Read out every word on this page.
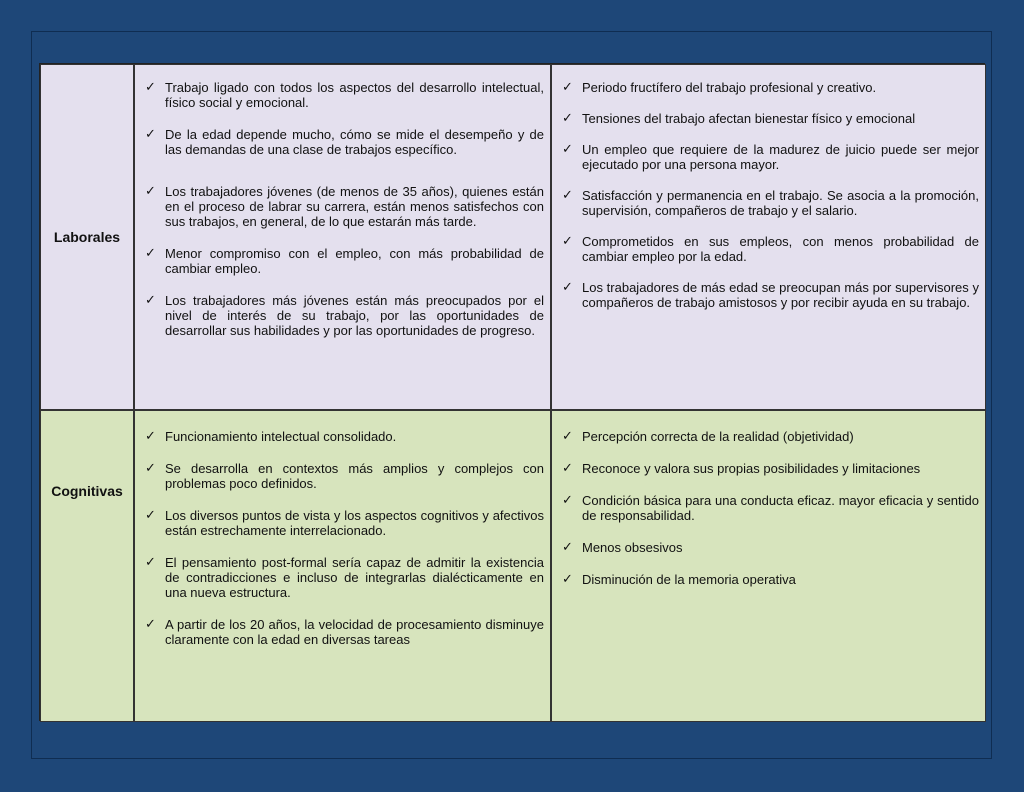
Laborales
✓ Trabajo ligado con todos los aspectos del desarrollo intelectual, físico social y emocional.
✓ De la edad depende mucho, cómo se mide el desempeño y de las demandas de una clase de trabajos específico.
✓ Los trabajadores jóvenes (de menos de 35 años), quienes están en el proceso de labrar su carrera, están menos satisfechos con sus trabajos, en general, de lo que estarán más tarde.
✓ Menor compromiso con el empleo, con más probabilidad de cambiar empleo.
✓ Los trabajadores más jóvenes están más preocupados por el nivel de interés de su trabajo, por las oportunidades de desarrollar sus habilidades y por las oportunidades de progreso.
✓ Periodo fructífero del trabajo profesional y creativo.
✓ Tensiones del trabajo afectan bienestar físico y emocional
✓ Un empleo que requiere de la madurez de juicio puede ser mejor ejecutado por una persona mayor.
✓ Satisfacción y permanencia en el trabajo. Se asocia a la promoción, supervisión, compañeros de trabajo y el salario.
✓ Comprometidos en sus empleos, con menos probabilidad de cambiar empleo por la edad.
✓ Los trabajadores de más edad se preocupan más por supervisores y compañeros de trabajo amistosos y por recibir ayuda en su trabajo.
Cognitivas
✓ Funcionamiento intelectual consolidado.
✓ Se desarrolla en contextos más amplios y complejos con problemas poco definidos.
✓ Los diversos puntos de vista y los aspectos cognitivos y afectivos están estrechamente interrelacionado.
✓ El pensamiento post-formal sería capaz de admitir la existencia de contradicciones e incluso de integrarlas dialécticamente en una nueva estructura.
✓ A partir de los 20 años, la velocidad de procesamiento disminuye claramente con la edad en diversas tareas
✓ Percepción correcta de la realidad (objetividad)
✓ Reconoce y valora sus propias posibilidades y limitaciones
✓ Condición básica para una conducta eficaz. mayor eficacia y sentido de responsabilidad.
✓ Menos obsesivos
✓ Disminución de la memoria operativa
